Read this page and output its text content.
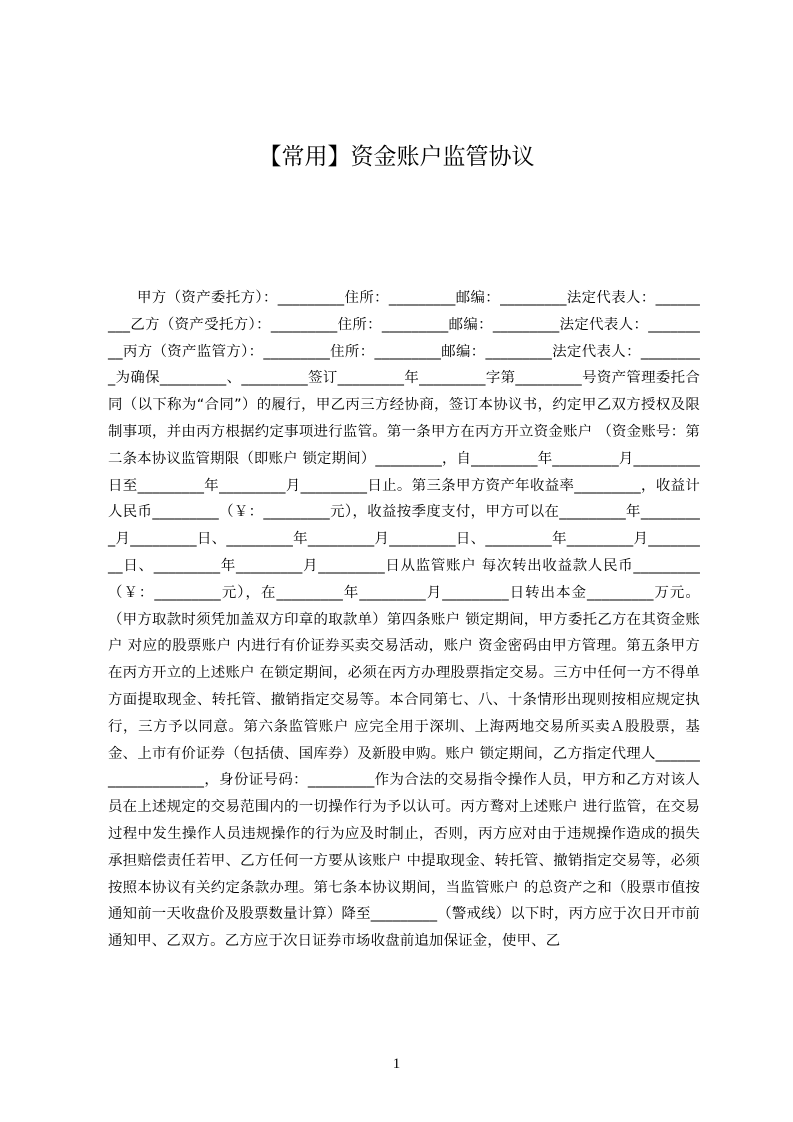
【常用】资金账户监管协议

甲方（资产委托方）：_________住所：_________邮编：_________法定代表人：_________乙方（资产受托方）：_________住所：_________邮编：_________法定代表人：_________丙方（资产监管方）：_________住所：_________邮编：_________法定代表人：_________为确保_________、_________签订_________年_________字第_________号资产管理委托合同（以下称为“合同”）的履行，甲乙丙三方经协商，签订本协议书，约定甲乙双方授权及限制事项，并由丙方根据约定事项进行监管。第一条甲方在丙方开立资金账户 （资金账号：第二条本协议监管期限（即账户 锁定期间）_________，自_________年_________月_________日至_________年_________月_________日止。第三条甲方资产年收益率_________，收益计人民币_________（￥：_________元），收益按季度支付，甲方可以在_________年_________月_________日、_________年_________月_________日、_________年_________月_________日、_________年_________月_________日从监管账户 每次转出收益款人民币_________（￥：_________元），在_________年_________月_________日转出本金_________万元。（甲方取款时须凭加盖双方印章的取款单）第四条账户 锁定期间，甲方委托乙方在其资金账户 对应的股票账户 内进行有价证券买卖交易活动，账户 资金密码由甲方管理。第五条甲方在丙方开立的上述账户 在锁定期间，必须在丙方办理股票指定交易。三方中任何一方不得单方面提取现金、转托管、撤销指定交易等。本合同第七、八、十条情形出现则按相应规定执行，三方予以同意。第六条监管账户 应完全用于深圳、上海两地交易所买卖Ａ股股票，基金、上市有价证券（包括债、国库券）及新股申购。账户 锁定期间，乙方指定代理人___________________，身份证号码：_________作为合法的交易指令操作人员，甲方和乙方对该人员在上述规定的交易范围内的一切操作行为予以认可。丙方鹜对上述账户 进行监管，在交易过程中发生操作人员违规操作的行为应及时制止，否则，丙方应对由于违规操作造成的损失承担赔偿责任若甲、乙方任何一方要从该账户 中提取现金、转托管、撤销指定交易等，必须按照本协议有关约定条款办理。第七条本协议期间，当监管账户 的总资产之和（股票市值按通知前一天收盘价及股票数量计算）降至_________（警戒线）以下时，丙方应于次日开市前通知甲、乙双方。乙方应于次日证券市场收盘前追加保证金，使甲、乙

1
